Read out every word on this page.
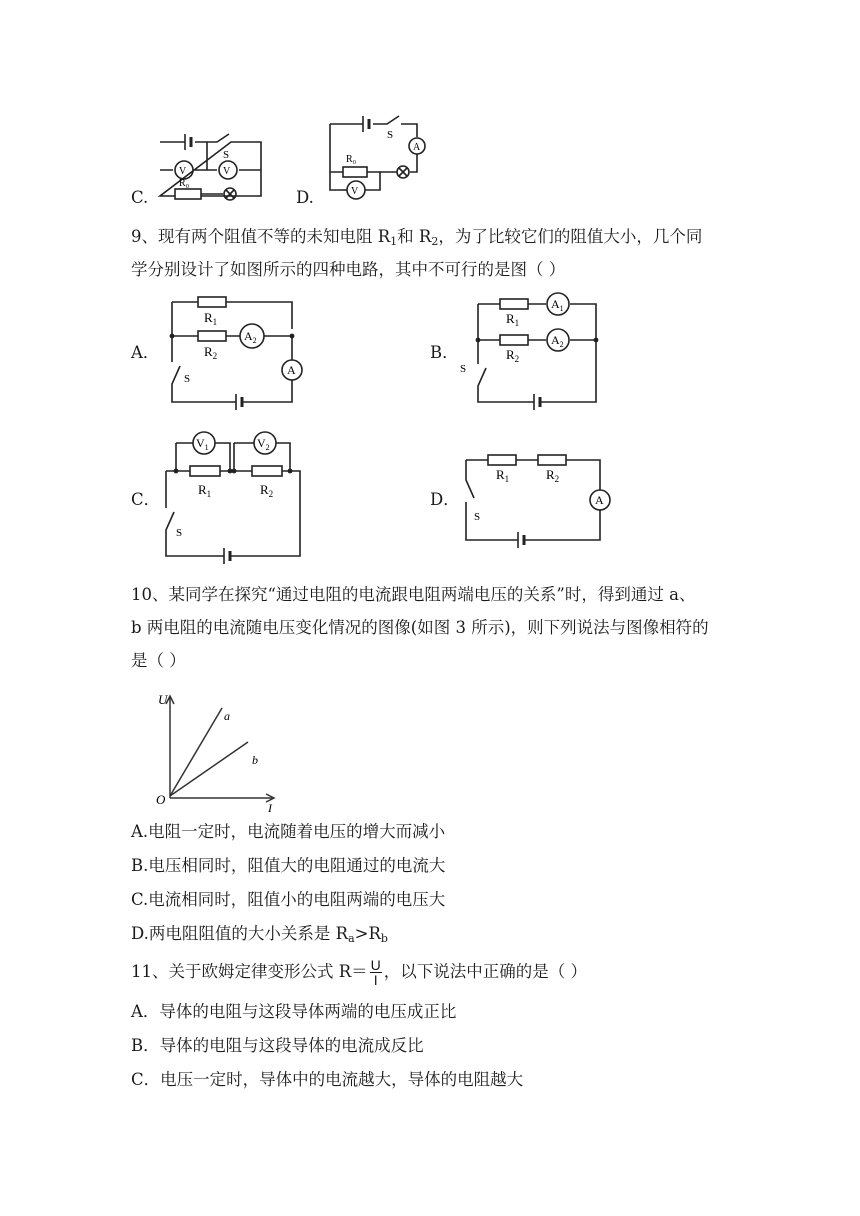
C.
S
V	V
R₀
D.
S
A
R₀
V
9、现有两个阻值不等的未知电阻 $R_1$和 $R_2$，为了比较它们的阻值大小，几个同
学分别设计了如图所示的四种电路，其中不可行的是图（ ）
A．
$R_1$
$R_2$
$A_2$
A
S
B．
$R_1$
$R_2$
$A_1$
$A_2$
S
C．
$V_1$	$V_2$
$R_1$	$R_2$
S
D．
$R_1$	$R_2$
A
S
10、某同学在探究“通过电阻的电流跟电阻两端电压的关系”时，得到通过 a、
b 两电阻的电流随电压变化情况的图像(如图 3 所示)，则下列说法与图像相符的
是（ ）
U
I
O
a
b
A.电阻一定时，电流随着电压的增大而减小
B.电压相同时，阻值大的电阻通过的电流大
C.电流相同时，阻值小的电阻两端的电压大
D.两电阻阻值的大小关系是 $R_a>R_b$
11、关于欧姆定律变形公式 $R= \frac{U}{I}$ ，以下说法中正确的是（ ）
A．导体的电阻与这段导体两端的电压成正比
B．导体的电阻与这段导体的电流成反比
C．电压一定时，导体中的电流越大，导体的电阻越大
